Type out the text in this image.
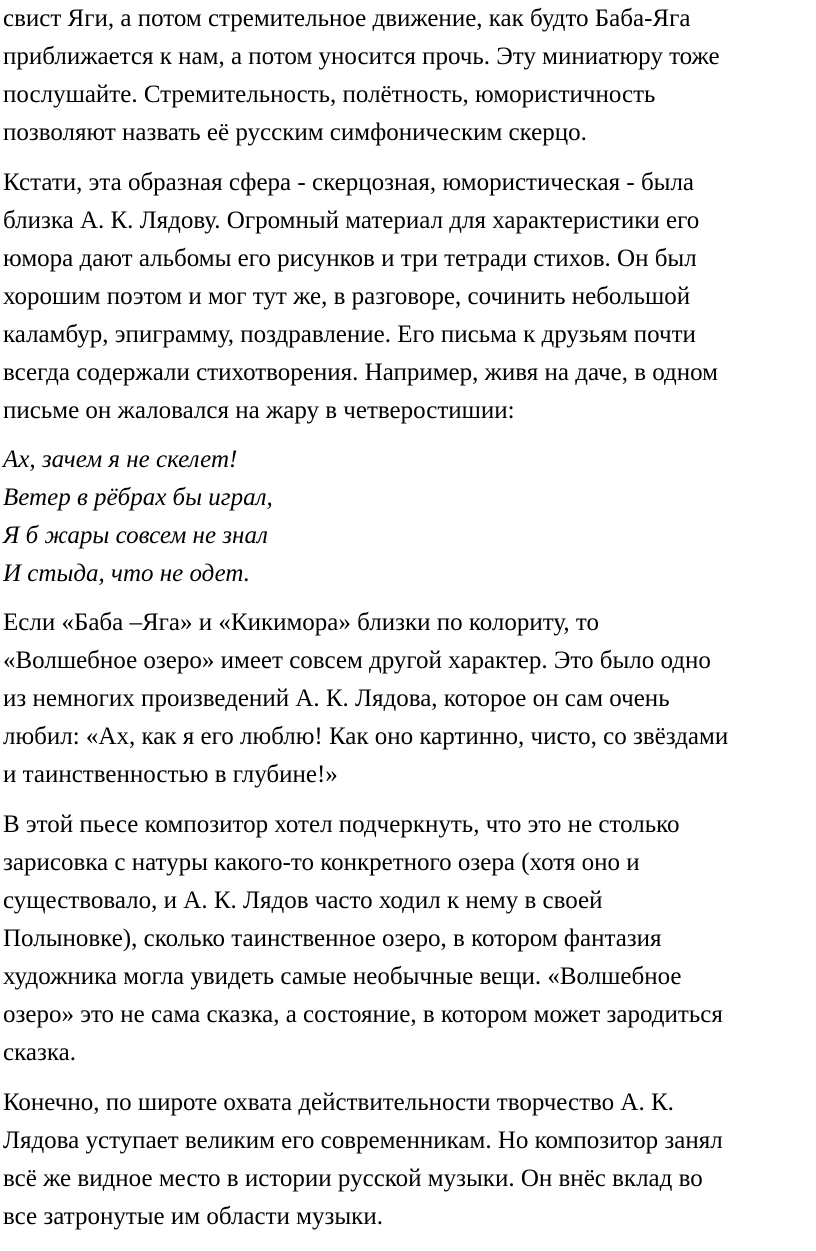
свист Яги, а потом стремительное движение, как будто Баба-Яга
приближается к нам, а потом уносится прочь. Эту миниатюру тоже
послушайте. Стремительность, полётность, юмористичность
позволяют назвать её русским симфоническим скерцо.
Кстати, эта образная сфера - скерцозная, юмористическая - была
близка А. К. Лядову. Огромный материал для характеристики его
юмора дают альбомы его рисунков и три тетради стихов. Он был
хорошим поэтом и мог тут же, в разговоре, сочинить небольшой
каламбур, эпиграмму, поздравление. Его письма к друзьям почти
всегда содержали стихотворения. Например, живя на даче, в одном
письме он жаловался на жару в четверостишии:
Ах, зачем я не скелет!
Ветер в рёбрах бы играл,
Я б жары совсем не знал
И стыда, что не одет.
Если «Баба –Яга» и «Кикимора» близки по колориту, то
«Волшебное озеро» имеет совсем другой характер. Это было одно
из немногих произведений А. К. Лядова, которое он сам очень
любил: «Ах, как я его люблю! Как оно картинно, чисто, со звёздами
и таинственностью в глубине!»
В этой пьесе композитор хотел подчеркнуть, что это не столько
зарисовка с натуры какого-то конкретного озера (хотя оно и
существовало, и А. К. Лядов часто ходил к нему в своей
Полыновке), сколько таинственное озеро, в котором фантазия
художника могла увидеть самые необычные вещи. «Волшебное
озеро» это не сама сказка, а состояние, в котором может зародиться
сказка.
Конечно, по широте охвата действительности творчество А. К.
Лядова уступает великим его современникам. Но композитор занял
всё же видное место в истории русской музыки. Он внёс вклад во
все затронутые им области музыки.
